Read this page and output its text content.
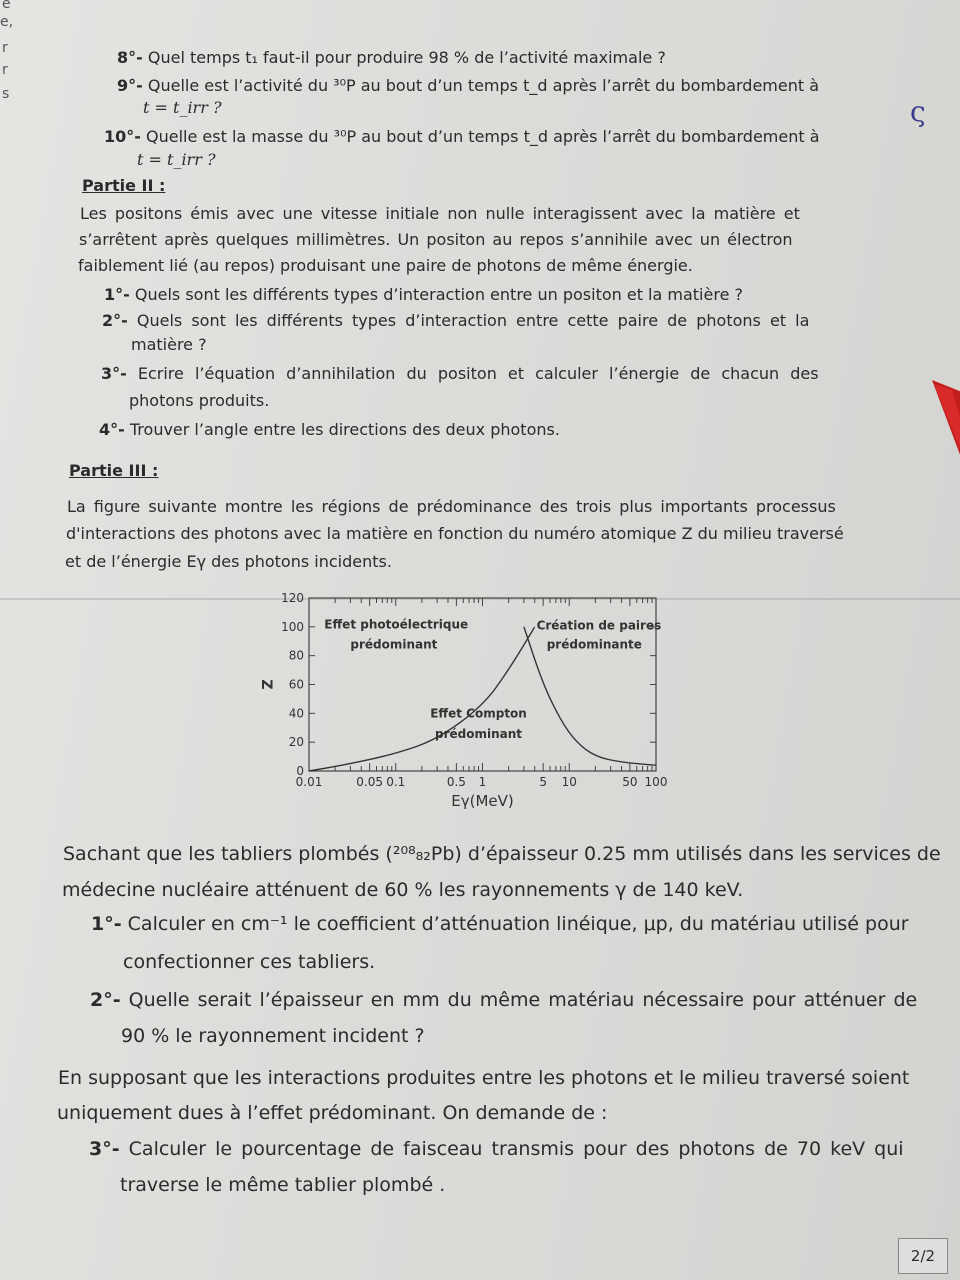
e
e,
r
r
s
8°- Quel temps t₁ faut-il pour produire 98 % de l’activité maximale ?
9°- Quelle est l’activité du ³⁰P au bout d’un temps t_d après l’arrêt du bombardement à
t = t_irr ?
10°- Quelle est la masse du ³⁰P au bout d’un temps t_d après l’arrêt du bombardement à
t = t_irr ?
Partie II :
Les positons émis avec une vitesse initiale non nulle interagissent avec la matière et
s’arrêtent après quelques millimètres. Un positon au repos s’annihile avec un électron
faiblement lié (au repos) produisant une paire de photons de même énergie.
1°- Quels sont les différents types d’interaction entre un positon et la matière ?
2°- Quels sont les différents types d’interaction entre cette paire de photons et la
matière ?
3°- Ecrire l’équation d’annihilation du positon et calculer l’énergie de chacun des
photons produits.
4°- Trouver l’angle entre les directions des deux photons.
Partie III :
La figure suivante montre les régions de prédominance des trois plus importants processus
d'interactions des photons avec la matière en fonction du numéro atomique Z du milieu traversé
et de l’énergie Eγ des photons incidents.
0
20
40
60
80
100
120
0.01	0.05 0.1	0.5 1	5 10	50 100
Eγ(MeV)
Z
Effet photoélectrique
prédominant
Effet Compton
prédominant
Création de paires
prédominante
Sachant que les tabliers plombés (²⁰⁸₈₂Pb) d’épaisseur 0.25 mm utilisés dans les services de
médecine nucléaire atténuent de 60 % les rayonnements γ de 140 keV.
1°- Calculer en cm⁻¹ le coefficient d’atténuation linéique, μp, du matériau utilisé pour
confectionner ces tabliers.
2°- Quelle serait l’épaisseur en mm du même matériau nécessaire pour atténuer de
90 % le rayonnement incident ?
En supposant que les interactions produites entre les photons et le milieu traversé soient
uniquement dues à l’effet prédominant. On demande de :
3°- Calculer le pourcentage de faisceau transmis pour des photons de 70 keV qui
traverse le même tablier plombé .
ς
2/2
